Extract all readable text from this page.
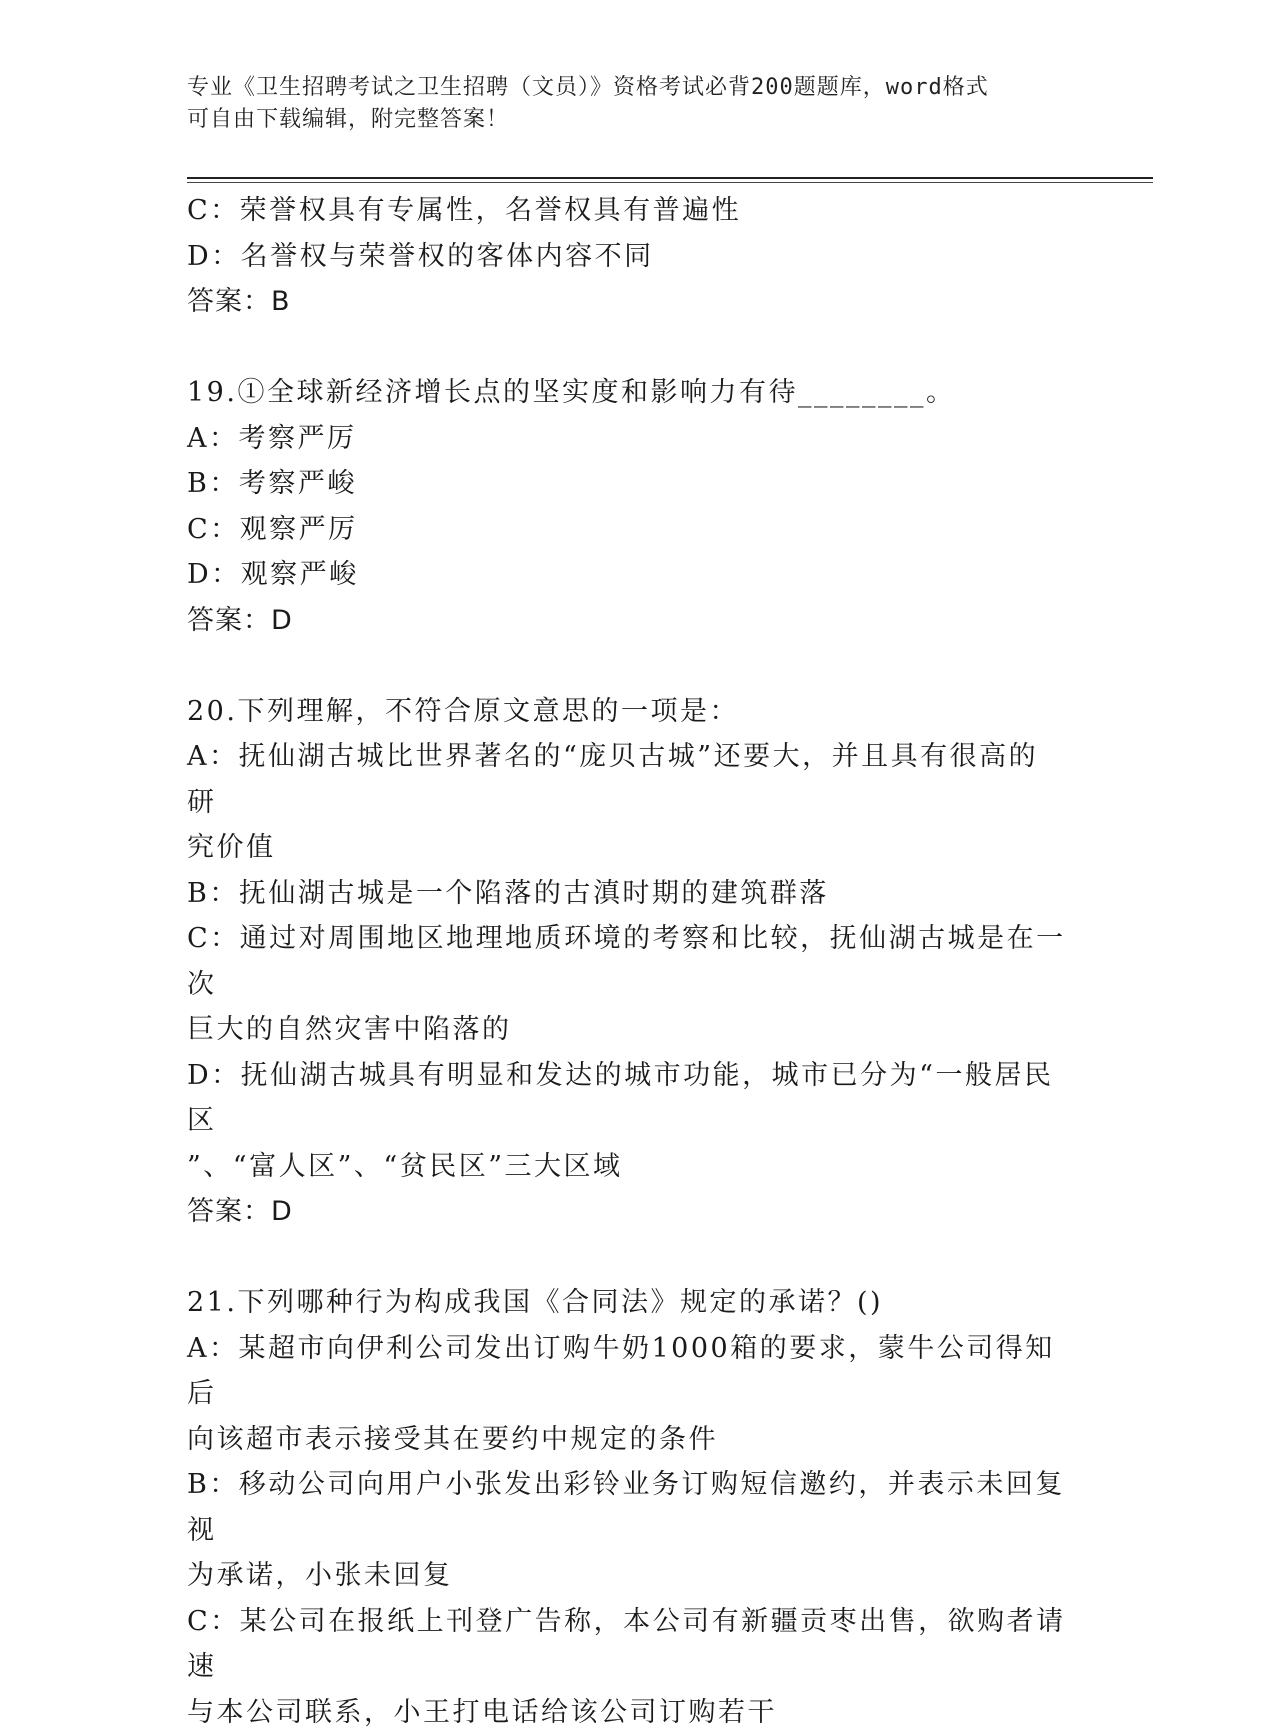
专业《卫生招聘考试之卫生招聘（文员）》资格考试必背200题题库，word格式
可自由下载编辑，附完整答案！

C：荣誉权具有专属性，名誉权具有普遍性

D：名誉权与荣誉权的客体内容不同

答案：B

19.①全球新经济增长点的坚实度和影响力有待________。

A：考察严厉

B：考察严峻

C：观察严厉

D：观察严峻

答案：D

20.下列理解，不符合原文意思的一项是：

A：抚仙湖古城比世界著名的“庞贝古城”还要大，并且具有很高的研

究价值

B：抚仙湖古城是一个陷落的古滇时期的建筑群落

C：通过对周围地区地理地质环境的考察和比较，抚仙湖古城是在一次

巨大的自然灾害中陷落的

D：抚仙湖古城具有明显和发达的城市功能，城市已分为“一般居民区

”、“富人区”、“贫民区”三大区域

答案：D

21.下列哪种行为构成我国《合同法》规定的承诺？()

A：某超市向伊利公司发出订购牛奶1000箱的要求，蒙牛公司得知后

向该超市表示接受其在要约中规定的条件

B：移动公司向用户小张发出彩铃业务订购短信邀约，并表示未回复视

为承诺，小张未回复

C：某公司在报纸上刊登广告称，本公司有新疆贡枣出售，欲购者请速

与本公司联系，小王打电话给该公司订购若干
